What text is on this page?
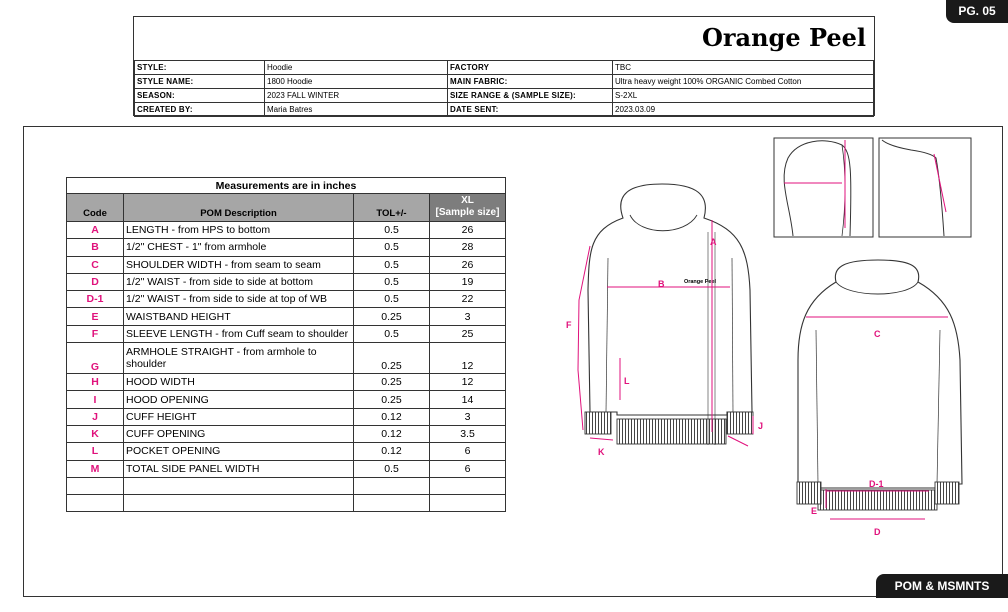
PG. 05
Orange Peel
STYLE:	Hoodie	FACTORY	TBC
STYLE NAME:	1800 Hoodie	MAIN FABRIC:	Ultra heavy weight 100% ORGANIC Combed Cotton
SEASON:	2023 FALL WINTER	SIZE RANGE & (SAMPLE SIZE):	S-2XL
CREATED BY:	Maria Batres	DATE SENT:	2023.03.09
Measurements are in inches			
Code	POM Description	TOL+/-	XL
[Sample size]

A	LENGTH - from HPS to bottom	0.5	26
B	1/2" CHEST - 1" from armhole	0.5	28
C	SHOULDER WIDTH - from seam to seam	0.5	26
D	1/2" WAIST - from side to side at bottom	0.5	19
D-1	1/2" WAIST - from side to side at top of WB	0.5	22
E	WAISTBAND HEIGHT	0.25	3
F	SLEEVE LENGTH - from Cuff seam to shoulder	0.5	25
G	ARMHOLE STRAIGHT - from armhole to shoulder	0.25	12
H	HOOD WIDTH	0.25	12
I	HOOD OPENING	0.25	14
J	CUFF HEIGHT	0.12	3
K	CUFF OPENING	0.12	3.5
L	POCKET OPENING	0.12	6
M	TOTAL SIDE PANEL WIDTH	0.5	6

Orange Peel
A
B
F
L
K
J
C
D-1
E
D
POM & MSMNTS
